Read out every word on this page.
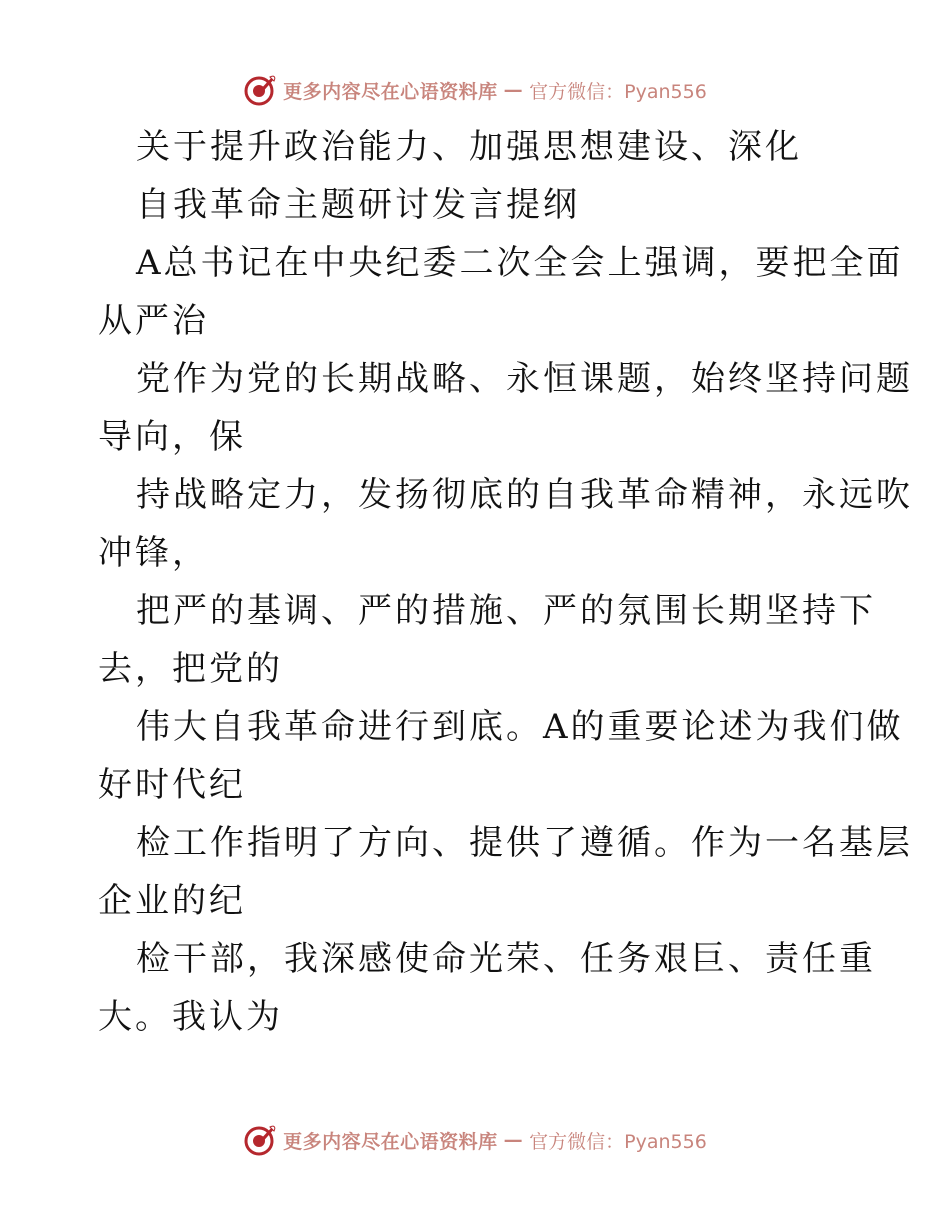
更多内容尽在心语资料库 — 官方微信：Pyan556

关于提升政治能力、加强思想建设、深化

自我革命主题研讨发言提纲

A总书记在中央纪委二次全会上强调，要把全面

从严治

党作为党的长期战略、永恒课题，始终坚持问题

导向，保

持战略定力，发扬彻底的自我革命精神，永远吹

冲锋，

把严的基调、严的措施、严的氛围长期坚持下

去，把党的

伟大自我革命进行到底。A的重要论述为我们做

好时代纪

检工作指明了方向、提供了遵循。作为一名基层

企业的纪

检干部，我深感使命光荣、任务艰巨、责任重

大。我认为

更多内容尽在心语资料库 — 官方微信：Pyan556
